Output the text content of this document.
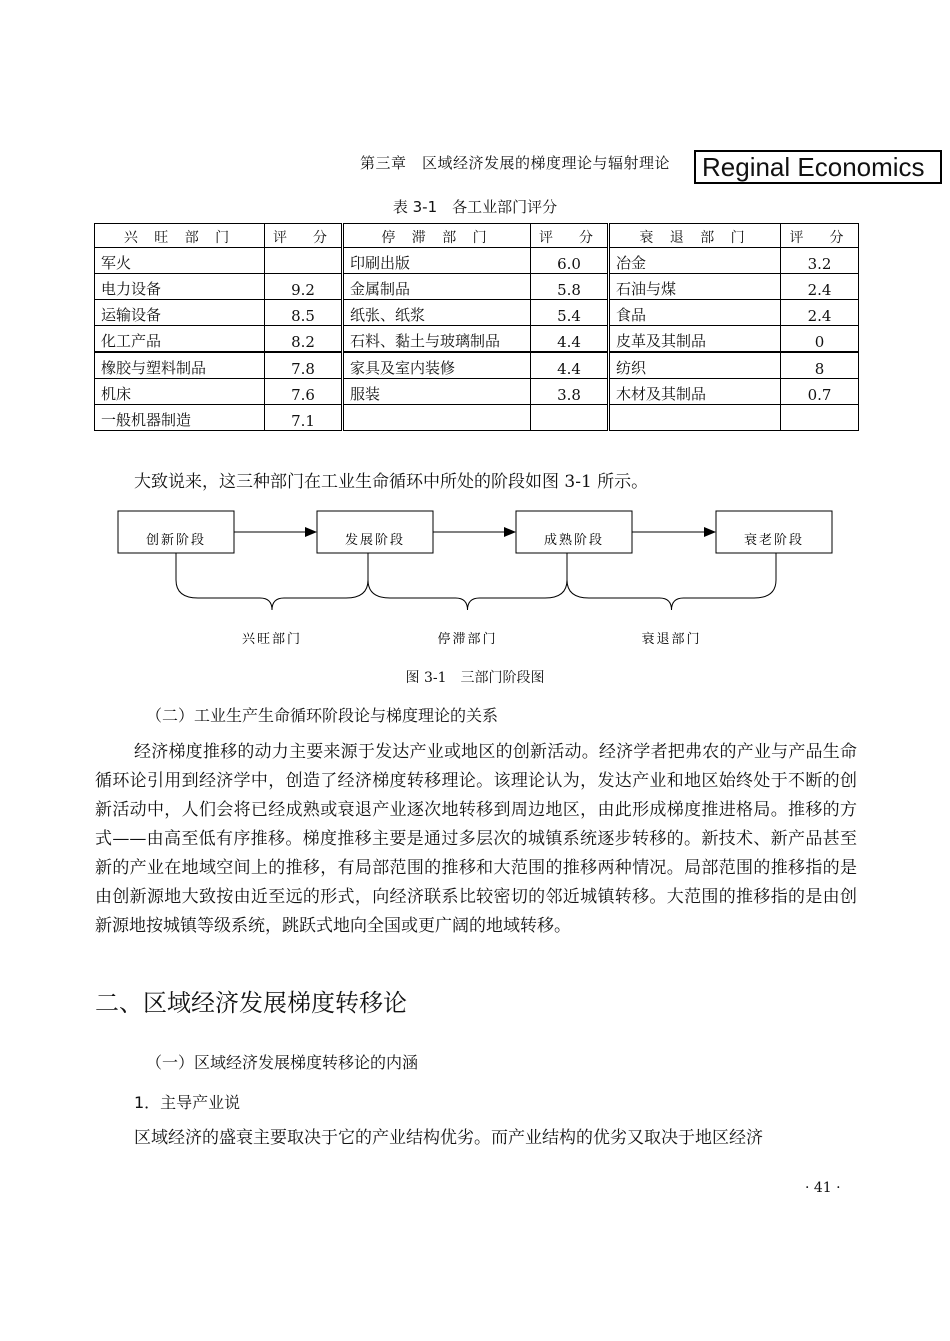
第三章　区域经济发展的梯度理论与辐射理论	Reginal Economics
表 3-1　各工业部门评分
兴 旺 部 门	评　分	停 滞 部 门	评　分	衰 退 部 门	评　分
军火		印刷出版	6.0	冶金	3.2
电力设备	9.2	金属制品	5.8	石油与煤	2.4
运输设备	8.5	纸张、纸浆	5.4	食品	2.4
化工产品	8.2	石料、黏土与玻璃制品	4.4	皮革及其制品	0
橡胶与塑料制品	7.8	家具及室内装修	4.4	纺织	8
机床	7.6	服装	3.8	木材及其制品	0.7
一般机器制造	7.1				

大致说来，这三种部门在工业生命循环中所处的阶段如图 3-1 所示。

创新阶段	发展阶段	成熟阶段	衰老阶段
兴旺部门	停滞部门	衰退部门
图 3-1　三部门阶段图
（二）工业生产生命循环阶段论与梯度理论的关系

经济梯度推移的动力主要来源于发达产业或地区的创新活动。经济学者把弗农的产业与产品生命循环论引用到经济学中，创造了经济梯度转移理论。该理论认为，发达产业和地区始终处于不断的创新活动中，人们会将已经成熟或衰退产业逐次地转移到周边地区，由此形成梯度推进格局。推移的方式——由高至低有序推移。梯度推移主要是通过多层次的城镇系统逐步转移的。新技术、新产品甚至新的产业在地域空间上的推移，有局部范围的推移和大范围的推移两种情况。局部范围的推移指的是由创新源地大致按由近至远的形式，向经济联系比较密切的邻近城镇转移。大范围的推移指的是由创新源地按城镇等级系统，跳跃式地向全国或更广阔的地域转移。

二、区域经济发展梯度转移论
（一）区域经济发展梯度转移论的内涵
1．主导产业说

区域经济的盛衰主要取决于它的产业结构优劣。而产业结构的优劣又取决于地区经济

· 41 ·
